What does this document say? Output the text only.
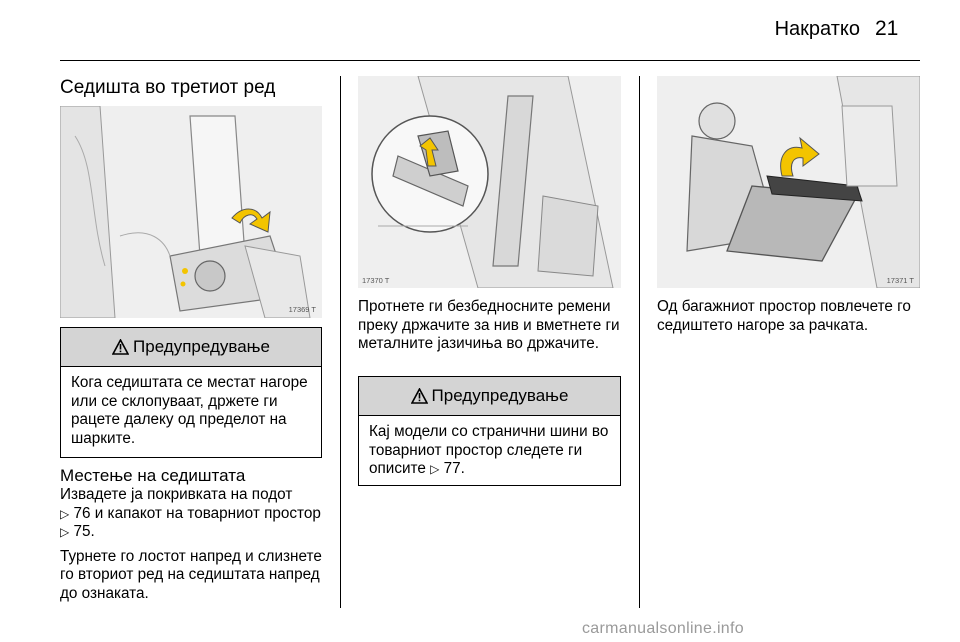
Накратко 21
Седишта во третиот ред
17369 T
Предупредување
Кога седиштата се местат нагоре или се склопуваат, држете ги рацете далеку од пределот на шарките.
Местење на седиштата

Извадете ја покривката на подот
▷ 76 и капакот на товарниот простор
▷ 75.

Турнете го лостот напред и слизнете го вториот ред на седиштата напред до ознаката.

17370 T
Протнете ги безбедносните ремени преку држачите за нив и вметнете ги металните јазичиња во држачите.
Предупредување
Кај модели со странични шини во товарниот простор следете ги описите ▷ 77.
17371 T
Од багажниот простор повлечете го седиштето нагоре за рачката.
carmanualsonline.info
